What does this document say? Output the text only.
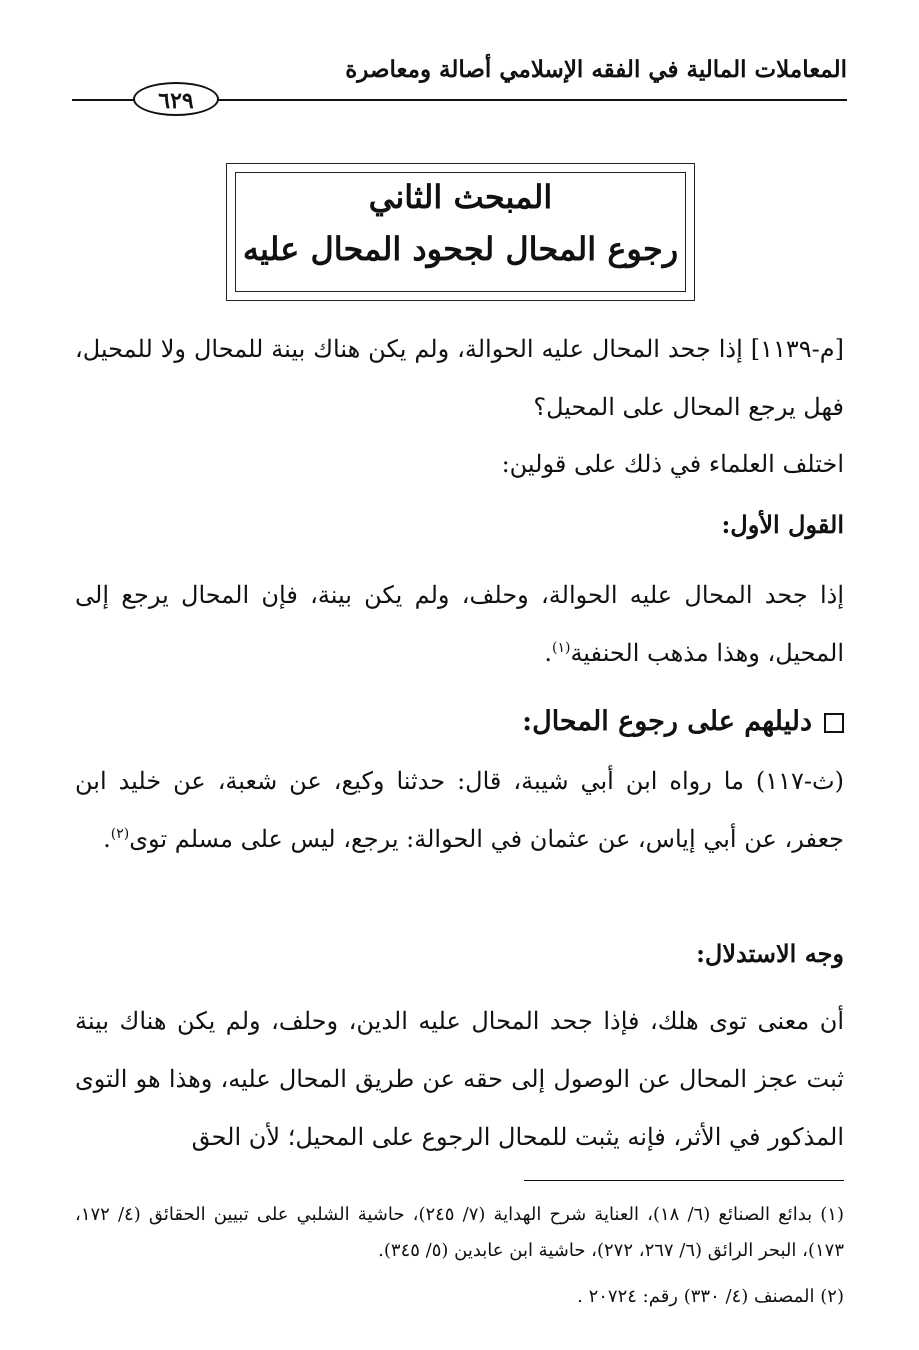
المعاملات المالية في الفقه الإسلامي أصالة ومعاصرة
٦٢٩
المبحث الثاني
رجوع المحال لجحود المحال عليه
[م-١١٣٩] إذا جحد المحال عليه الحوالة، ولم يكن هناك بينة للمحال ولا للمحيل، فهل يرجع المحال على المحيل؟
اختلف العلماء في ذلك على قولين:
القول الأول:
إذا جحد المحال عليه الحوالة، وحلف، ولم يكن بينة، فإن المحال يرجع إلى المحيل، وهذا مذهب الحنفية$^{(١)}$.
دليلهم على رجوع المحال:
(ث-١١٧) ما رواه ابن أبي شيبة، قال: حدثنا وكيع، عن شعبة، عن خليد ابن جعفر، عن أبي إياس، عن عثمان في الحوالة: يرجع، ليس على مسلم توى$^{(٢)}$.
وجه الاستدلال:
أن معنى توى هلك، فإذا جحد المحال عليه الدين، وحلف، ولم يكن هناك بينة ثبت عجز المحال عن الوصول إلى حقه عن طريق المحال عليه، وهذا هو التوى المذكور في الأثر، فإنه يثبت للمحال الرجوع على المحيل؛ لأن الحق
(١) بدائع الصنائع (٦/ ١٨)، العناية شرح الهداية (٧/ ٢٤٥)، حاشية الشلبي على تبيين الحقائق (٤/ ١٧٢، ١٧٣)، البحر الرائق (٦/ ٢٦٧، ٢٧٢)، حاشية ابن عابدين (٥/ ٣٤٥).
(٢) المصنف (٤/ ٣٣٠) رقم: ٢٠٧٢٤ .
